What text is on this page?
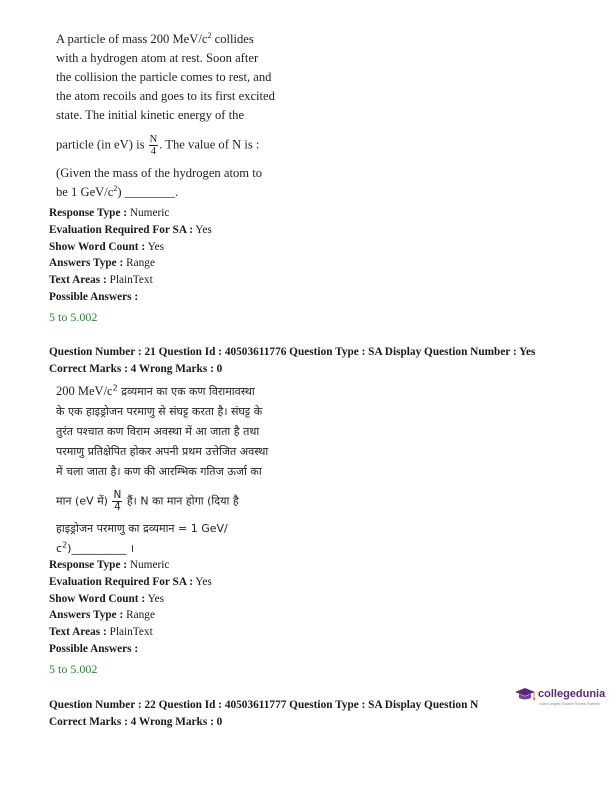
A particle of mass 200 MeV/$c^2$ collides

with a hydrogen atom at rest. Soon after

the collision the particle comes to rest, and

the atom recoils and goes to its first excited

state. The initial kinetic energy of the

particle (in eV) is $\frac{N}{4}$ . The value of N is :

(Given the mass of the hydrogen atom to

be 1 GeV/$c^2$) ________.

Response Type : Numeric
Evaluation Required For SA : Yes
Show Word Count : Yes
Answers Type : Range
Text Areas : PlainText
Possible Answers :
5 to 5.002
Question Number : 21 Question Id : 40503611776 Question Type : SA Display Question Number : Yes
Correct Marks : 4 Wrong Marks : 0
200 MeV/$c^2$ द्रव्यमान का एक कण विरामावस्था
के एक हाइड्रोजन परमाणु से संघट्ट करता है। संघट्ट के
तुरंत पश्चात कण विराम अवस्था में आ जाता है तथा
परमाणु प्रतिक्षेपित होकर अपनी प्रथम उत्तेजित अवस्था
में चला जाता है। कण की आरम्भिक गतिज ऊर्जा का
मान (eV में) $\frac{N}{4}$ हैं। N का मान होगा (दिया है
हाइड्रोजन परमाणु का द्रव्यमान = 1 GeV/
$c^2)\_\_\_\_\_\_\_\_\_\_$ ।
Response Type : Numeric
Evaluation Required For SA : Yes
Show Word Count : Yes
Answers Type : Range
Text Areas : PlainText
Possible Answers :
5 to 5.002
Question Number : 22 Question Id : 40503611777 Question Type : SA Display Question N
Correct Marks : 4 Wrong Marks : 0
collegedunia
India's largest Student Review Platform
